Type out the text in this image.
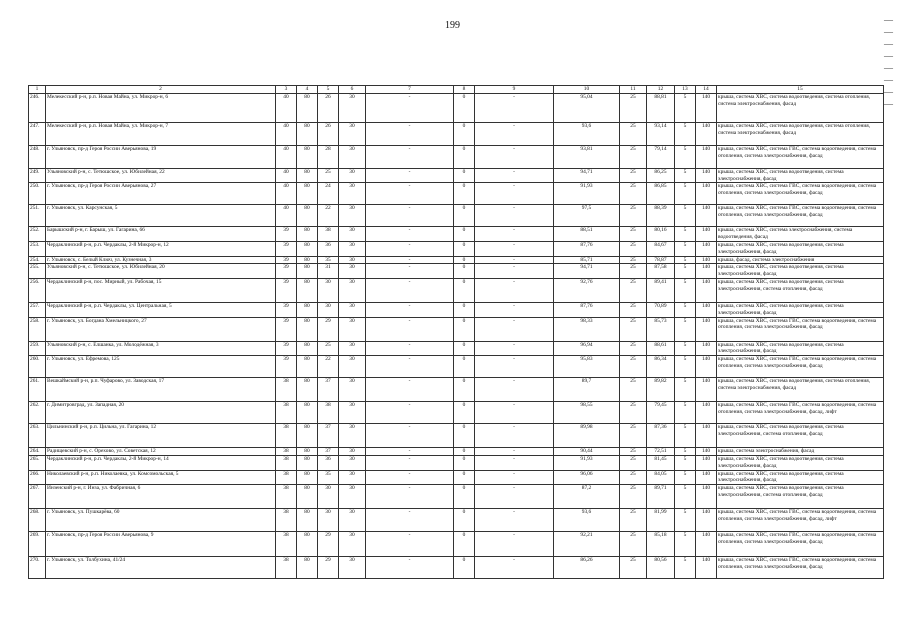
199	—
—
—
—
—
—
—
—
1	2	3	4	5	6	7	8	9	10	11	12	13	14	15
246.	Мелекесский р-н, р.п. Новая Майна, ул. Микрор-н, 6	40	80	26	30	-	0	-	95,04	25	88,81	5	140	крыша, система ХВС, система водоотведения, система отопления, система электроснабжения, фасад
247.	Мелекесский р-н, р.п. Новая Майна, ул. Микрор-н, 7	40	80	26	30	-	0	-	93,6	25	93,14	5	140	крыша, система ХВС, система водоотведения, система отопления, система электроснабжения, фасад
248.	г. Ульяновск, пр-д Героя России Аверьянова, 19	40	80	28	30	-	0	-	93,81	25	79,14	5	140	крыша, система ХВС, система ГВС, система водоотведения, система отопления, система электроснабжения, фасад
249.	Ульяновский р-н, с. Тетюшское, ул. Юбилейная, 22	40	80	25	30	-	0	-	94,71	25	86,25	5	140	крыша, система ХВС, система водоотведения, система электроснабжения, фасад
250.	г. Ульяновск, пр-д Героя России Аверьянова, 27	40	80	24	30	-	0	-	91,93	25	86,85	5	140	крыша, система ХВС, система ГВС, система водоотведения, система отопления, система электроснабжения, фасад
251.	г. Ульяновск, ул. Карсунская, 5	40	80	22	30	-	0	-	97,5	25	88,39	5	140	крыша, система ХВС, система ГВС, система водоотведения, система отопления, система электроснабжения, фасад
252.	Барышский р-н, г. Барыш, ул. Гагарина, 66	39	80	38	30	-	0	-	88,51	25	80,16	5	140	крыша, система ХВС, система электроснабжения, система водоотведения, фасад
253.	Чердаклинский р-н, р.п. Чердаклы, 2-й Микрор-н, 12	39	80	36	30	-	0	-	87,76	25	84,67	5	140	крыша, система ХВС, система водоотведения, система электроснабжения, фасад
254.	г. Ульяновск, с. Белый Ключ, ул. Кузнечная, 3	39	80	35	30	-	0	-	85,71	25	78,87	5	140	крыша, фасад, система электроснабжения
255.	Ульяновский р-н, с. Тетюшское, ул. Юбилейная, 20	39	80	31	30	-	0	-	94,71	25	87,58	5	140	крыша, система ХВС, система водоотведения, система электроснабжения, фасад
256.	Чердаклинский р-н, пос. Мирный, ул. Рабочая, 15	39	80	30	30	-	0	-	92,76	25	89,41	5	140	крыша, система ХВС, система водоотведения, система электроснабжения, система отопления, фасад
257.	Чердаклинский р-н, р.п. Чердаклы, ул. Центральная, 5	39	80	30	30	-	0	-	87,76	25	70,89	5	140	крыша, система ХВС, система водоотведения, система электроснабжения, фасад
258.	г. Ульяновск, ул. Богдана Хмельницкого, 27	39	80	29	30	-	0	-	98,33	25	85,73	5	140	крыша, система ХВС, система ГВС, система водоотведения, система отопления, система электроснабжения, фасад
259.	Ульяновский р-н, с. Елшанка, ул. Молодёжная, 3	39	80	25	30	-	0	-	96,94	25	88,61	5	140	крыша, система ХВС, система водоотведения, система электроснабжения, фасад
260.	г. Ульяновск, ул. Ефремова, 125	39	80	22	30	-	0	-	95,83	25	86,34	5	140	крыша, система ХВС, система ГВС, система водоотведения, система отопления, система электроснабжения, фасад
261.	Вешкаймский р-н, р.п. Чуфарово, ул. Заводская, 17	38	80	37	30	-	0	-	89,7	25	89,82	5	140	крыша, система ХВС, система водоотведения, система отопления, система электроснабжения, фасад
262.	г. Димитровград, ул. Западная, 20	38	80	38	30	-	0	-	98,55	25	79,45	5	140	крыша, система ХВС, система ГВС, система водоотведения, система отопления, система электроснабжения, фасад, лифт
263.	Цильнинский р-н, р.п. Цильна, ул. Гагарина, 12	38	80	37	30	-	0	-	89,98	25	87,36	5	140	крыша, система ХВС, система водоотведения, система электроснабжения, система отопления, фасад
264.	Радищевский р-н, с. Орехово, ул. Советская, 12	38	80	37	30	-	0	-	90,44	25	72,51	5	140	крыша, система электроснабжения, фасад
265.	Чердаклинский р-н, р.п. Чердаклы, 2-й Микрор-н, 14	38	80	36	30	-	0	-	91,93	25	81,45	5	140	крыша, система ХВС, система водоотведения, система электроснабжения, фасад
266.	Николаевский р-н, р.п. Николаевка, ул. Комсомольская, 5	38	80	35	30	-	0	-	96,06	25	84,05	5	140	крыша, система ХВС, система водоотведения, система электроснабжения, фасад
267.	Инзенский р-н, г. Инза, ул. Фабричная, 6	38	80	30	30	-	0	-	87,2	25	89,71	5	140	крыша, система ХВС, система водоотведения, система электроснабжения, система отопления, фасад
268.	г. Ульяновск, ул. Пушкарёва, 60	38	80	30	30	-	0	-	93,6	25	81,99	5	140	крыша, система ХВС, система ГВС, система водоотведения, система отопления, система электроснабжения, фасад, лифт
269.	г. Ульяновск, пр-д Героя России Аверьянова, 9	38	80	29	30	-	0	-	92,21	25	85,18	5	140	крыша, система ХВС, система ГВС, система водоотведения, система отопления, система электроснабжения, фасад
270.	г. Ульяновск, ул. Толбухина, 41/24	38	80	29	30	-	0	-	86,26	25	80,56	5	140	крыша, система ХВС, система ГВС, система водоотведения, система отопления, система электроснабжения, фасад
